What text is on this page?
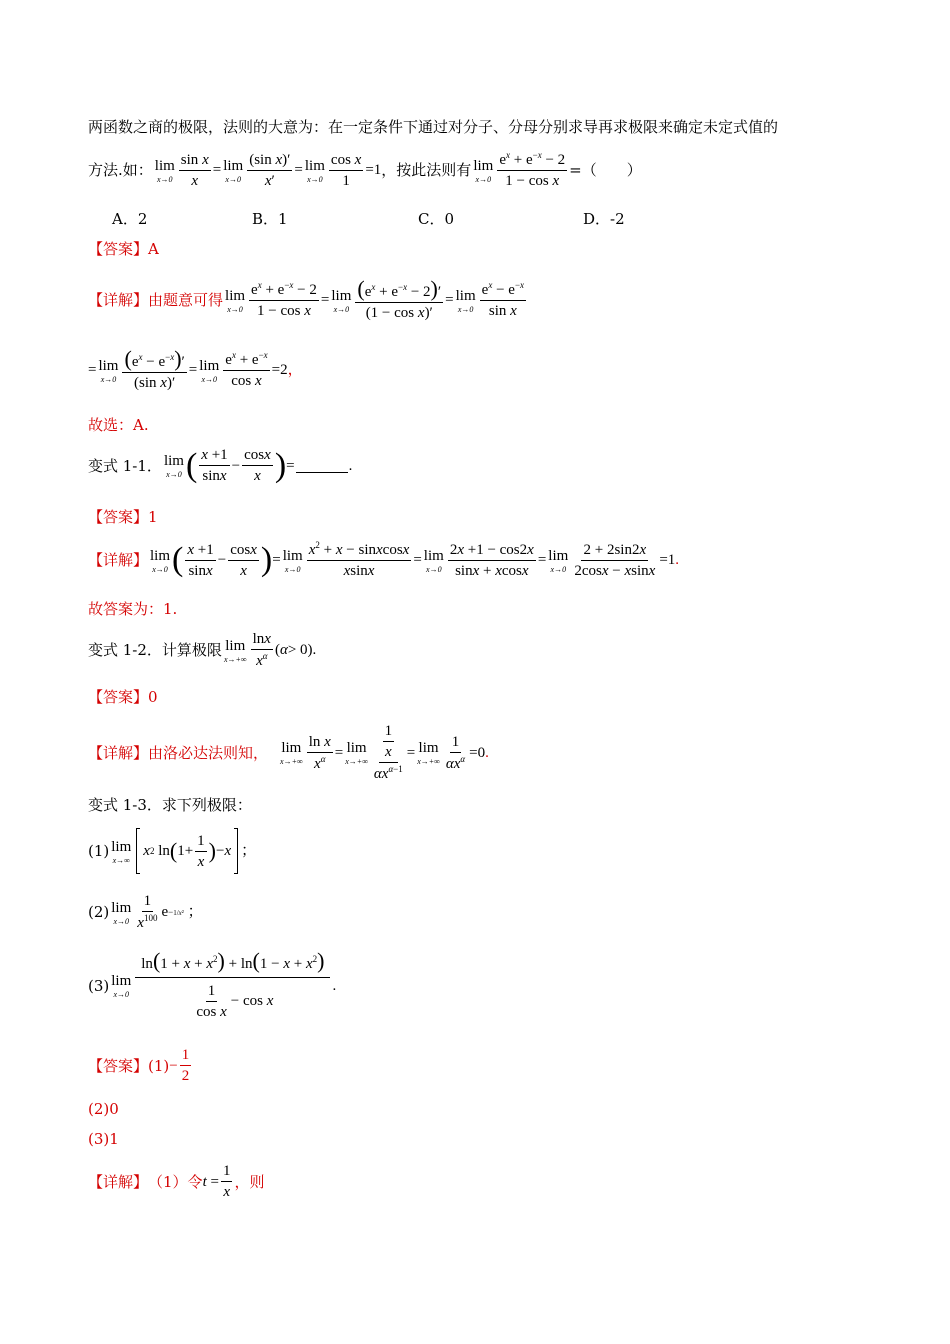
两函数之商的极限，法则的大意为：在一定条件下通过对分子、分母分别求导再求极限来确定未定式值的
方法.如： lim
$x\to 0 \frac{\text{sin x}}{x} = \lim$
$x\to 0 \frac{\text{(sin x)′}}{x'} = \lim$
$x\to 0 \frac{\text{cos x}}{1} =1$ ，按此法则有 lim
$x\to 0 \frac{e^x + e^{-x} - 2}{\text{1 − cos x}}$ =（　　）
A．2	B．1	C．0	D．-2
【答案】 A
【详解】 由题意可得 lim
$x\to 0 \frac{e^x + e^{-x} - 2}{\text{1 − cos x}} = \lim$
$x\to 0 \frac{(e^x + e^{-x} - 2)'}{\text{(1 − cos x)′}} = \lim$
$x\to 0 \frac{e^x - e^{-x}}{\text{sin x}}$
= lim
$x\to 0 \frac{(e^x - e^{-x})'}{\text{(sin x)′}} = \lim$
$x\to 0 \frac{e^x + e^{-x}}{\text{cos x}} =2$ ，
故选：A.
变式 1-1． lim
x→0 ( $\frac{x +1}{\sin x} - \frac{\cos x}{x}$ ) =	.
【答案】 1
【详解】 lim
x→0 ( $\frac{x +1}{\sin x} - \frac{\cos x}{x}$ ) = lim
$x\to 0 \frac{x^2 + x - sinxcosx}{xsinx} = \lim$
$x\to 0 \frac{2x +1 - \cos 2x}{\sin x + xcosx} = \lim$
$x\to 0 \frac{2 + 2\sin 2x}{2\cos x - xsinx} =1$ .
故答案为：1.
变式 1-2．计算极限 lim
$x\to+\infty \frac{\ln x}{x^\alpha}$ ( α > 0).
【答案】 0
【详解】 由洛必达法则知， lim
$x\to+\infty \frac{\text{ln x}}{x^\alpha} = \lim$
$x\to+\infty \frac{\frac{1}{x}}{\alpha x^{\alpha-1}} = \lim$
$x\to+\infty \frac{1}{\alpha x^\alpha} =0$ .
变式 1-3．求下列极限：
(1) lim
x→∞
x 2 ln ( $1+ \frac{1}{x}$ ) − x ；
(2) lim
$x\to 0 \frac{1}{x^{100}}$ e −1/x² ；
(3) lim
$x\to 0 \frac{\ln(1 + x + x^2) + \ln(1 - x + x^2)}{\frac{1}{\text{cos x}} - \cos x}$ .
【答案】 $(1) - \frac{1}{2}$
(2)0
(3)1
【详解】 （1）令 $t = \frac{1}{x}$ ，则
